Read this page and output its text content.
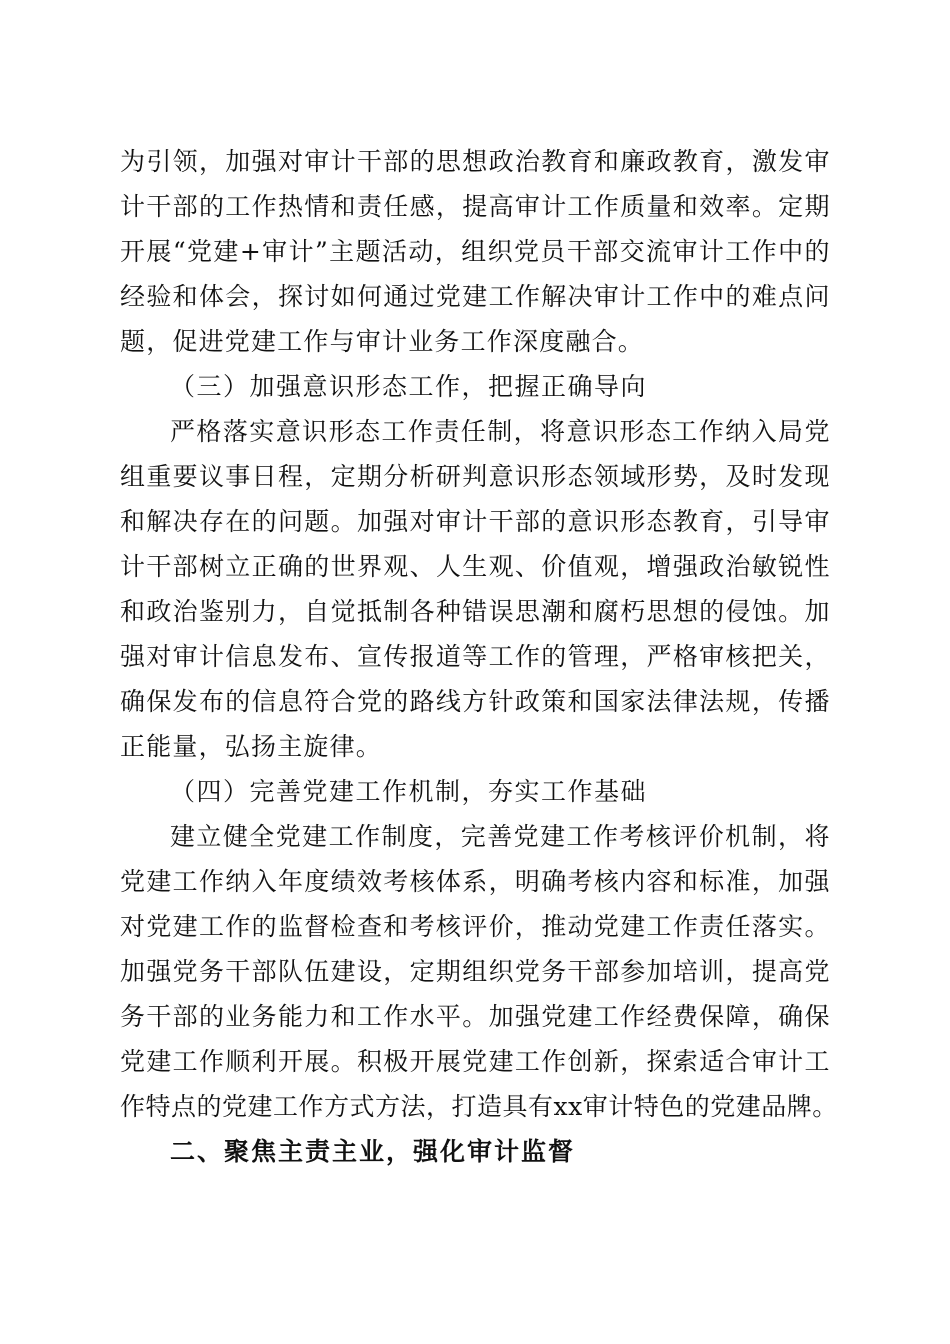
为引领，加强对审计干部的思想政治教育和廉政教育，激发审
计干部的工作热情和责任感，提高审计工作质量和效率。定期
开展“党建+审计”主题活动，组织党员干部交流审计工作中的
经验和体会，探讨如何通过党建工作解决审计工作中的难点问
题，促进党建工作与审计业务工作深度融合。
（三）加强意识形态工作，把握正确导向
严格落实意识形态工作责任制，将意识形态工作纳入局党
组重要议事日程，定期分析研判意识形态领域形势，及时发现
和解决存在的问题。加强对审计干部的意识形态教育，引导审
计干部树立正确的世界观、人生观、价值观，增强政治敏锐性
和政治鉴别力，自觉抵制各种错误思潮和腐朽思想的侵蚀。加
强对审计信息发布、宣传报道等工作的管理，严格审核把关，
确保发布的信息符合党的路线方针政策和国家法律法规，传播
正能量，弘扬主旋律。
（四）完善党建工作机制，夯实工作基础
建立健全党建工作制度，完善党建工作考核评价机制，将
党建工作纳入年度绩效考核体系，明确考核内容和标准，加强
对党建工作的监督检查和考核评价，推动党建工作责任落实。
加强党务干部队伍建设，定期组织党务干部参加培训，提高党
务干部的业务能力和工作水平。加强党建工作经费保障，确保
党建工作顺利开展。积极开展党建工作创新，探索适合审计工
作特点的党建工作方式方法，打造具有xx审计特色的党建品牌。
二、聚焦主责主业，强化审计监督
